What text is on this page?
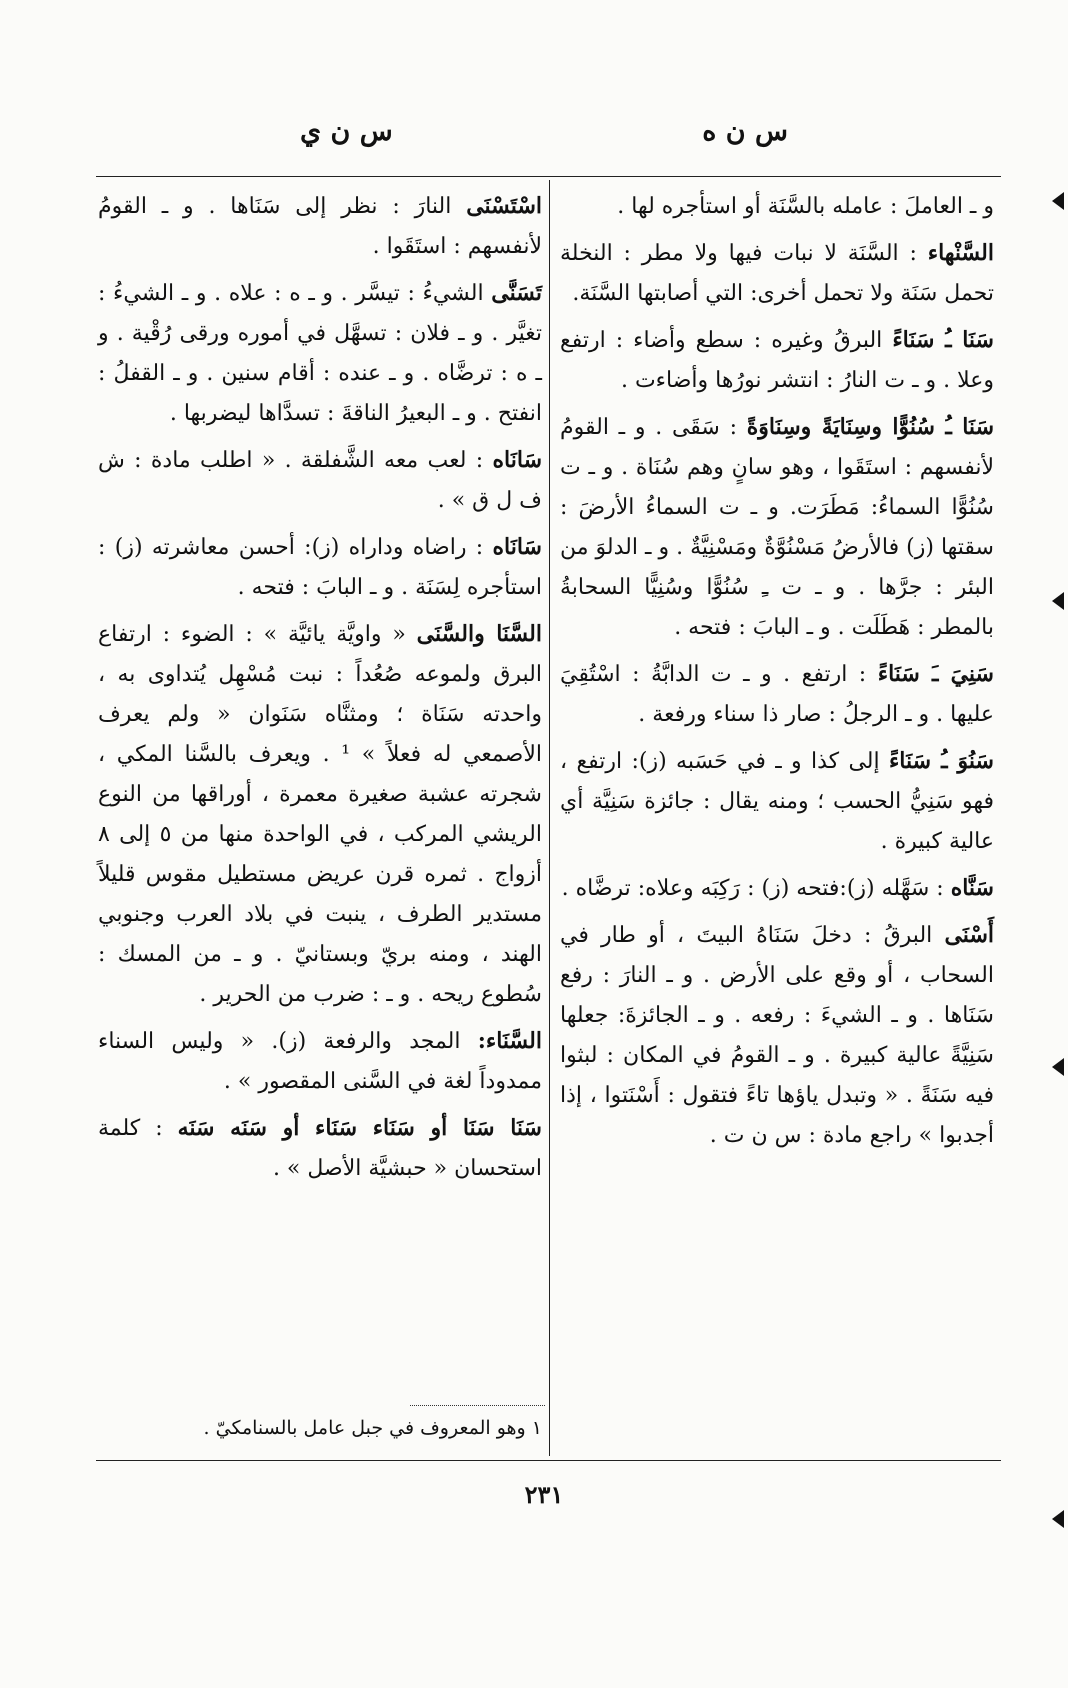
س ن ه
س ن ي

و ـ العاملَ : عامله بالسَّنَة أو استأجره لها .

السَّنْهاء : السَّنَة لا نبات فيها ولا مطر : النخلة تحمل سَنَة ولا تحمل أخرى: التي أصابتها السَّنَة.

سَنَا ـُ سَنَاءً البرقُ وغيره : سطع وأضاء : ارتفع وعلا . و ـ ت النارُ : انتشر نورُها وأضاءت .

سَنَا ـُ سُنُوًّا وسِنَايَةً وسِنَاوَةً : سَقَى . و ـ القومُ لأنفسهم : استَقَوا ، وهو سانٍ وهم سُنَاة . و ـ ت سُنُوًّا السماءُ: مَطَرَت. و ـ ت السماءُ الأرضَ : سقتها (ز) فالأرضُ مَسْنُوَّةٌ ومَسْنِيَّةٌ . و ـ الدلوَ من البئر : جرَّها . و ـ ت ـِ سُنُوًّا وسُنِيًّا السحابةُ بالمطر : هَطَلَت . و ـ البابَ : فتحه .

سَنِيَ ـَ سَنَاءً : ارتفع . و ـ ت الدابَّةُ : اسْتُقِيَ عليها . و ـ الرجلُ : صار ذا سناء ورفعة .

سَنُوَ ـُ سَنَاءً إلى كذا و ـ في حَسَبه (ز): ارتفع ، فهو سَنِيُّ الحسب ؛ ومنه يقال : جائزة سَنِيَّة أي عالية كبيرة .

سَنَّاه : سَهَّله (ز):فتحه (ز) : رَكِبَه وعلاه: ترضَّاه .

أَسْنَى البرقُ : دخلَ سَنَاهُ البيتَ ، أو طار في السحاب ، أو وقع على الأرض . و ـ النارَ : رفع سَنَاها . و ـ الشيءَ : رفعه . و ـ الجائزةَ: جعلها سَنِيَّةً عالية كبيرة . و ـ القومُ في المكان : لبثوا فيه سَنَةً . « وتبدل ياؤها تاءً فتقول : أَسْنَتوا ، إذا أجدبوا » راجع مادة : س ن ت .

اسْتَسْنَى النارَ : نظر إلى سَنَاها . و ـ القومُ لأنفسهم : استَقَوا .

تَسَنَّى الشيءُ : تيسَّر . و ـ ه : علاه . و ـ الشيءُ : تغيَّر . و ـ فلان : تسهَّل في أموره ورقى رُقْية . و ـ ه : ترضَّاه . و ـ عنده : أقام سنين . و ـ القفلُ : انفتح . و ـ البعيرُ الناقةَ : تسدَّاها ليضربها .

سَانَاه : لعب معه الشَّفلقة . « اطلب مادة : ش ف ل ق » .

سَانَاه : راضاه وداراه (ز): أحسن معاشرته (ز) : استأجره لِسَنَة . و ـ البابَ : فتحه .

السَّنَا والسَّنَى « واويَّة يائيَّة » : الضوء : ارتفاع البرق ولموعه صُعُداً : نبت مُسْهِل يُتداوى به ، واحدته سَنَاة ؛ ومثنَّاه سَنَوان « ولم يعرف الأصمعي له فعلاً » ¹ . ويعرف بالسَّنا المكي ، شجرته عشبة صغيرة معمرة ، أوراقها من النوع الريشي المركب ، في الواحدة منها من ٥ إلى ٨ أزواج . ثمره قرن عريض مستطيل مقوس قليلاً مستدير الطرف ، ينبت في بلاد العرب وجنوبي الهند ، ومنه بريّ وبستانيّ . و ـ من المسك : سُطوع ريحه . و ـ : ضرب من الحرير .

السَّنَاء: المجد والرفعة (ز). « وليس السناء ممدوداً لغة في السَّنى المقصور » .

سَنَا سَنَا أو سَنَاء سَنَاء أو سَنَه سَنَه : كلمة استحسان « حبشيَّة الأصل » .

١ وهو المعروف في جبل عامل بالسنامكيّ .
٢٣١
